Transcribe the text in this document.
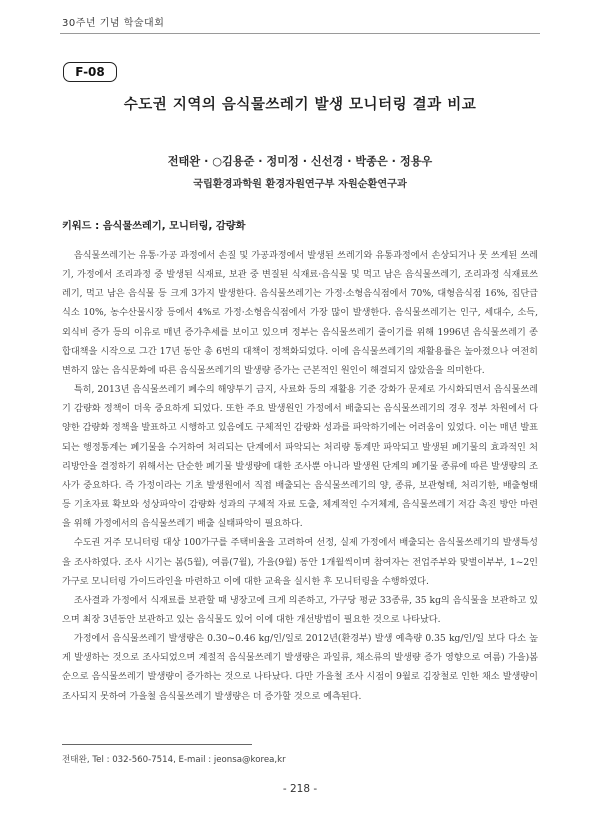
30주년 기념 학술대회
F-08
수도권 지역의 음식물쓰레기 발생 모니터링 결과 비교
전태완 · ○김용준 · 정미정 · 신선경 · 박종은 · 정용우
국립환경과학원 환경자원연구부 자원순환연구과
키워드 : 음식물쓰레기, 모니터링, 감량화

음식물쓰레기는 유통·가공 과정에서 손질 및 가공과정에서 발생된 쓰레기와 유통과정에서 손상되거나 못 쓰게된 쓰레기, 가정에서 조리과정 중 발생된 식재료, 보관 중 변질된 식재료·음식물 및 먹고 남은 음식물쓰레기, 조리과정 식재료쓰레기, 먹고 남은 음식물 등 크게 3가지 발생한다. 음식물쓰레기는 가정·소형음식점에서 70%, 대형음식점 16%, 집단급식소 10%, 농수산물시장 등에서 4%로 가정·소형음식점에서 가장 많이 발생한다. 음식물쓰레기는 인구, 세대수, 소득, 외식비 증가 등의 이유로 매년 증가추세를 보이고 있으며 정부는 음식물쓰레기 줄이기를 위해 1996년 음식물쓰레기 종합대책을 시작으로 그간 17년 동안 총 6번의 대책이 정책화되었다. 이에 음식물쓰레기의 재활용률은 높아졌으나 여전히 변하지 않는 음식문화에 따른 음식물쓰레기의 발생량 증가는 근본적인 원인이 해결되지 않았음을 의미한다.

특히, 2013년 음식물쓰레기 폐수의 해양투기 금지, 사료화 등의 재활용 기준 강화가 문제로 가시화되면서 음식물쓰레기 감량화 정책이 더욱 중요하게 되었다. 또한 주요 발생원인 가정에서 배출되는 음식물쓰레기의 경우 정부 차원에서 다양한 감량화 정책을 발표하고 시행하고 있음에도 구체적인 감량화 성과를 파악하기에는 어려움이 있었다. 이는 매년 발표되는 행정통계는 폐기물을 수거하여 처리되는 단계에서 파악되는 처리량 통계만 파악되고 발생된 폐기물의 효과적인 처리방안을 결정하기 위해서는 단순한 폐기물 발생량에 대한 조사뿐 아니라 발생원 단계의 폐기물 종류에 따른 발생량의 조사가 중요하다. 즉 가정이라는 기초 발생원에서 직접 배출되는 음식물쓰레기의 양, 종류, 보관형태, 처리기한, 배출형태 등 기초자료 확보와 성상파악이 감량화 성과의 구체적 자료 도출, 체계적인 수거체계, 음식물쓰레기 저감 촉진 방안 마련을 위해 가정에서의 음식물쓰레기 배출 실태파악이 필요하다.

수도권 거주 모니터링 대상 100가구를 주택비율을 고려하여 선정, 실제 가정에서 배출되는 음식물쓰레기의 발생특성을 조사하였다. 조사 시기는 봄(5월), 여름(7월), 가을(9월) 동안 1개월씩이며 참여자는 전업주부와 맞벌이부부, 1~2인 가구로 모니터링 가이드라인을 마련하고 이에 대한 교육을 실시한 후 모니터링을 수행하였다.

조사결과 가정에서 식재료를 보관할 때 냉장고에 크게 의존하고, 가구당 평균 33종류, 35 kg의 음식물을 보관하고 있으며 최장 3년동안 보관하고 있는 음식물도 있어 이에 대한 개선방법이 필요한 것으로 나타났다.

가정에서 음식물쓰레기 발생량은 0.30~0.46 kg/인/일로 2012년(환경부) 발생 예측량 0.35 kg/인/일 보다 다소 높게 발생하는 것으로 조사되었으며 계절적 음식물쓰레기 발생량은 과일류, 채소류의 발생량 증가 영향으로 여름) 가을)봄 순으로 음식물쓰레기 발생량이 증가하는 것으로 나타났다. 다만 가을철 조사 시점이 9월로 김장철로 인한 채소 발생량이 조사되지 못하여 가을철 음식물쓰레기 발생량은 더 증가할 것으로 예측된다.

전태완, Tel : 032-560-7514, E-mail : jeonsa@korea,kr
- 218 -
